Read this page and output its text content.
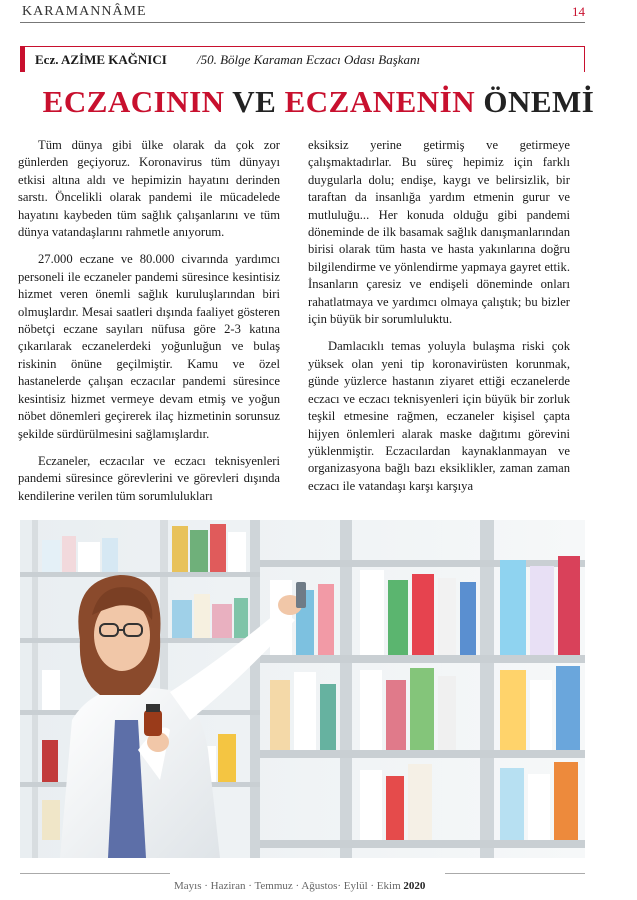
KARAMANNÂME	14
Ecz. AZİME KAĞNICI /50. Bölge Karaman Eczacı Odası Başkanı
ECZACININ VE ECZANENİN ÖNEMİ

Tüm dünya gibi ülke olarak da çok zor günlerden geçiyoruz. Koronavirus tüm dünyayı etkisi altına aldı ve hepimizin hayatını derinden sarstı. Öncelikli olarak pandemi ile mücadelede hayatını kaybeden tüm sağlık çalışanlarını ve tüm dünya vatandaşlarını rahmetle anıyorum.

27.000 eczane ve 80.000 civarında yardımcı personeli ile eczaneler pandemi süresince kesintisiz hizmet veren önemli sağlık kuruluşlarından biri olmuşlardır. Mesai saatleri dışında faaliyet gösteren nöbetçi eczane sayıları nüfusa göre 2-3 katına çıkarılarak eczanelerdeki yoğunluğun ve bulaş riskinin önüne geçilmiştir. Kamu ve özel hastanelerde çalışan eczacılar pandemi süresince kesintisiz hizmet vermeye devam etmiş ve yoğun nöbet dönemleri geçirerek ilaç hizmetinin sorunsuz şekilde sürdürülmesini sağlamışlardır.

Eczaneler, eczacılar ve eczacı teknisyenleri pandemi süresince görevlerini ve görevleri dışında kendilerine verilen tüm sorumlulukları

eksiksiz yerine getirmiş ve getirmeye çalışmaktadırlar. Bu süreç hepimiz için farklı duygularla dolu; endişe, kaygı ve belirsizlik, bir taraftan da insanlığa yardım etmenin gurur ve mutluluğu... Her konuda olduğu gibi pandemi döneminde de ilk basamak sağlık danışmanlarından birisi olarak tüm hasta ve hasta yakınlarına doğru bilgilendirme ve yönlendirme yapmaya gayret ettik. İnsanların çaresiz ve endişeli döneminde onları rahatlatmaya ve yardımcı olmaya çalıştık; bu bizler için büyük bir sorumluluktu.

Damlacıklı temas yoluyla bulaşma riski çok yüksek olan yeni tip koronavirüsten korunmak, günde yüzlerce hastanın ziyaret ettiği eczanelerde eczacı ve eczacı teknisyenleri için büyük bir zorluk teşkil etmesine rağmen, eczaneler kişisel çapta hijyen önlemleri alarak maske dağıtımı görevini yüklenmiştir. Eczacılardan kaynaklanmayan ve organizasyona bağlı bazı eksiklikler, zaman zaman eczacı ile vatandaşı karşı karşıya

Mayıs · Haziran · Temmuz · Ağustos· Eylül · Ekim 2020
